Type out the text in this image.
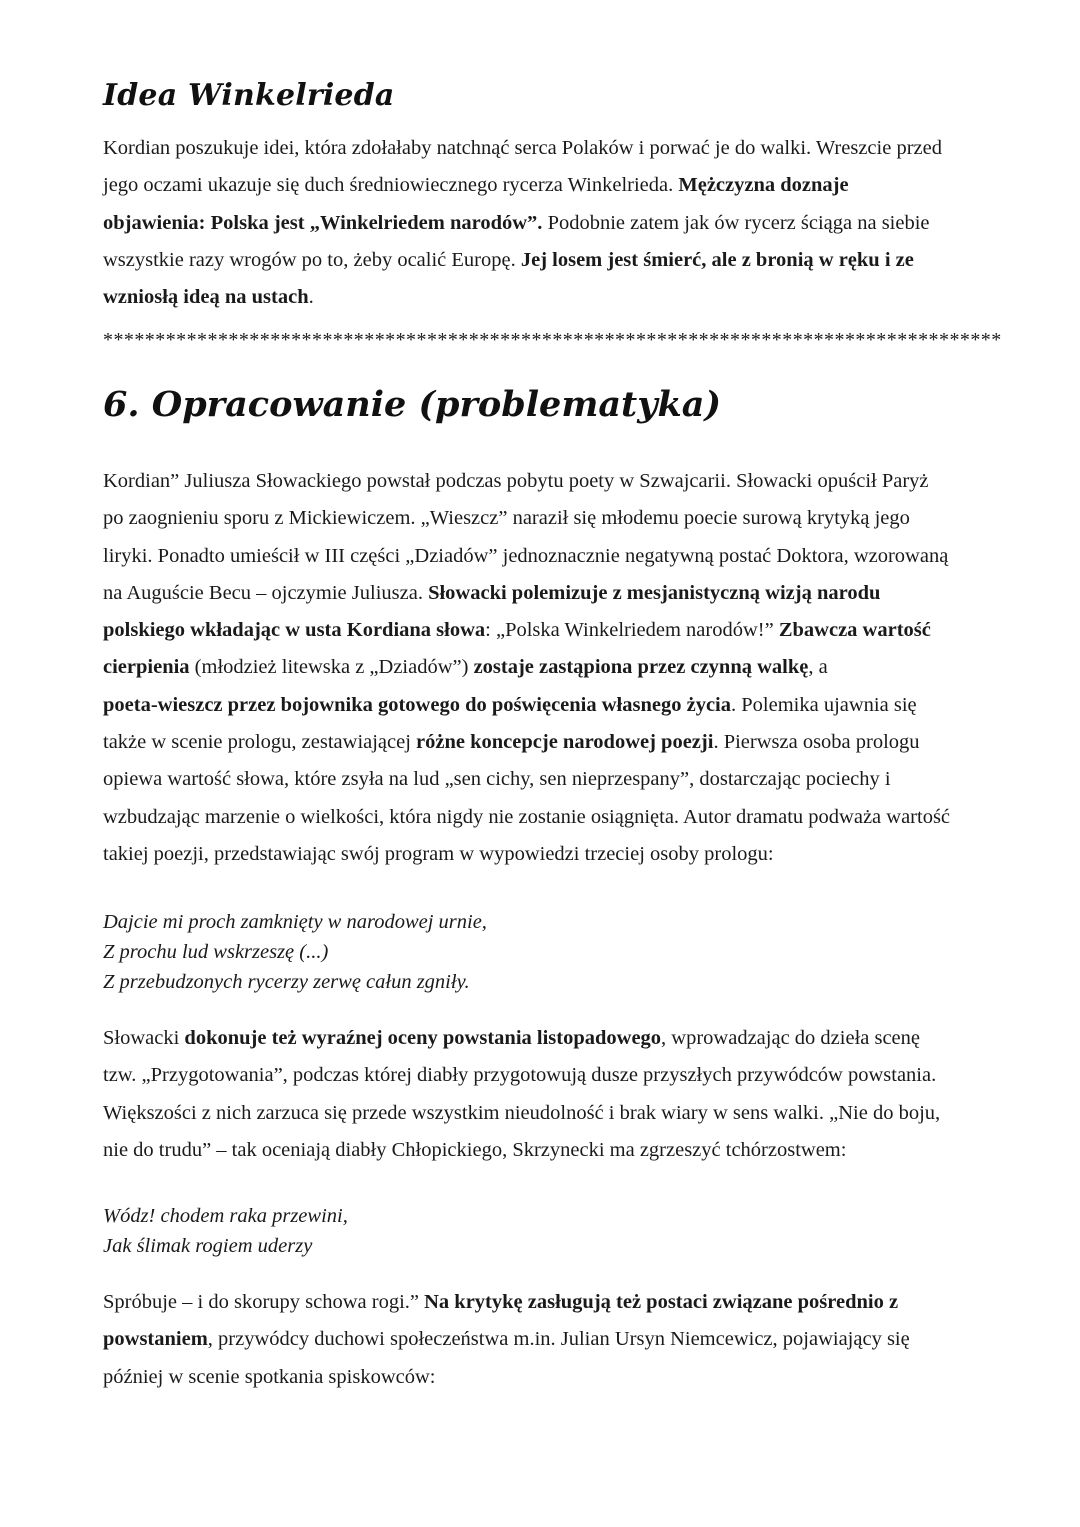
Idea Winkelrieda
Kordian poszukuje idei, która zdołałaby natchnąć serca Polaków i porwać je do walki. Wreszcie przed
jego oczami ukazuje się duch średniowiecznego rycerza Winkelrieda. Mężczyzna doznaje
objawienia: Polska jest „Winkelriedem narodów”. Podobnie zatem jak ów rycerz ściąga na siebie
wszystkie razy wrogów po to, żeby ocalić Europę. Jej losem jest śmierć, ale z bronią w ręku i ze
wzniosłą ideą na ustach.
**************************************************************************************
6. Opracowanie (problematyka)
Kordian” Juliusza Słowackiego powstał podczas pobytu poety w Szwajcarii. Słowacki opuścił Paryż
po zaognieniu sporu z Mickiewiczem. „Wieszcz” naraził się młodemu poecie surową krytyką jego
liryki. Ponadto umieścił w III części „Dziadów” jednoznacznie negatywną postać Doktora, wzorowaną
na Auguście Becu – ojczymie Juliusza. Słowacki polemizuje z mesjanistyczną wizją narodu
polskiego wkładając w usta Kordiana słowa: „Polska Winkelriedem narodów!” Zbawcza wartość
cierpienia (młodzież litewska z „Dziadów”) zostaje zastąpiona przez czynną walkę, a
poeta-wieszcz przez bojownika gotowego do poświęcenia własnego życia. Polemika ujawnia się
także w scenie prologu, zestawiającej różne koncepcje narodowej poezji. Pierwsza osoba prologu
opiewa wartość słowa, które zsyła na lud „sen cichy, sen nieprzespany”, dostarczając pociechy i
wzbudzając marzenie o wielkości, która nigdy nie zostanie osiągnięta. Autor dramatu podważa wartość
takiej poezji, przedstawiając swój program w wypowiedzi trzeciej osoby prologu:
Dajcie mi proch zamknięty w narodowej urnie,
Z prochu lud wskrzeszę (...)
Z przebudzonych rycerzy zerwę całun zgniły.
Słowacki dokonuje też wyraźnej oceny powstania listopadowego, wprowadzając do dzieła scenę
tzw. „Przygotowania”, podczas której diabły przygotowują dusze przyszłych przywódców powstania.
Większości z nich zarzuca się przede wszystkim nieudolność i brak wiary w sens walki. „Nie do boju,
nie do trudu” – tak oceniają diabły Chłopickiego, Skrzynecki ma zgrzeszyć tchórzostwem:
Wódz! chodem raka przewini,
Jak ślimak rogiem uderzy
Spróbuje – i do skorupy schowa rogi.” Na krytykę zasługują też postaci związane pośrednio z
powstaniem, przywódcy duchowi społeczeństwa m.in. Julian Ursyn Niemcewicz, pojawiający się
później w scenie spotkania spiskowców:
